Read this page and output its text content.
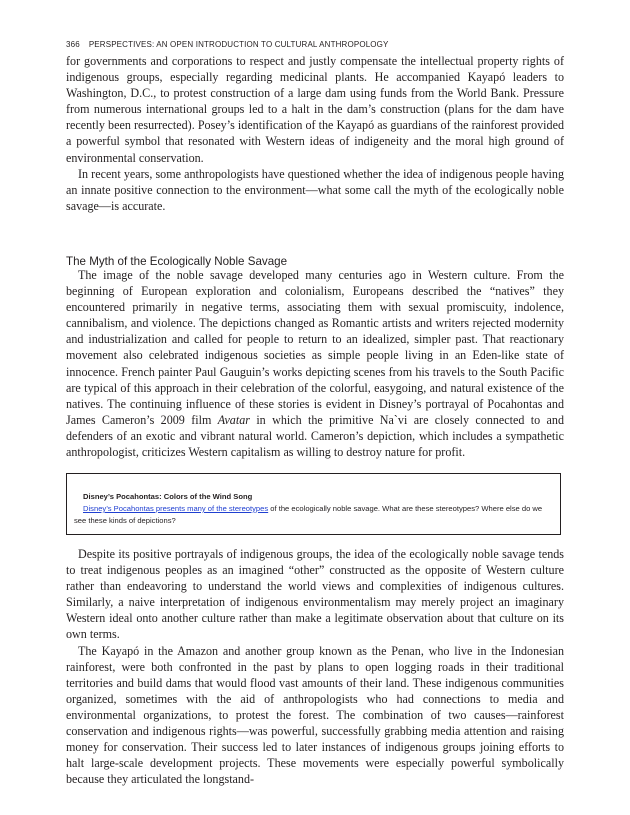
366 PERSPECTIVES: AN OPEN INTRODUCTION TO CULTURAL ANTHROPOLOGY

for governments and corporations to respect and justly compensate the intellectual property rights of indigenous groups, especially regarding medicinal plants. He accompanied Kayapó leaders to Washington, D.C., to protest construction of a large dam using funds from the World Bank. Pressure from numerous international groups led to a halt in the dam’s construction (plans for the dam have recently been resurrected). Posey’s identification of the Kayapó as guardians of the rainforest provided a powerful symbol that resonated with Western ideas of indigeneity and the moral high ground of environmental conservation.

In recent years, some anthropologists have questioned whether the idea of indigenous people having an innate positive connection to the environment—what some call the myth of the ecologically noble savage—is accurate.

The Myth of the Ecologically Noble Savage

The image of the noble savage developed many centuries ago in Western culture. From the beginning of European exploration and colonialism, Europeans described the “natives” they encountered primarily in negative terms, associating them with sexual promiscuity, indolence, cannibalism, and violence. The depictions changed as Romantic artists and writers rejected modernity and industrialization and called for people to return to an idealized, simpler past. That reactionary movement also celebrated indigenous societies as simple people living in an Eden-like state of innocence. French painter Paul Gauguin’s works depicting scenes from his travels to the South Pacific are typical of this approach in their celebration of the colorful, easygoing, and natural existence of the natives. The continuing influence of these stories is evident in Disney’s portrayal of Pocahontas and James Cameron’s 2009 film Avatar in which the primitive Na`vi are closely connected to and defenders of an exotic and vibrant natural world. Cameron’s depiction, which includes a sympathetic anthropologist, criticizes Western capitalism as willing to destroy nature for profit.

Disney’s Pocahontas: Colors of the Wind Song

Disney’s Pocahontas presents many of the stereotypes of the ecologically noble savage. What are these stereotypes? Where else do we see these kinds of depictions?

Despite its positive portrayals of indigenous groups, the idea of the ecologically noble savage tends to treat indigenous peoples as an imagined “other” constructed as the opposite of Western culture rather than endeavoring to understand the world views and complexities of indigenous cultures. Similarly, a naive interpretation of indigenous environmentalism may merely project an imaginary Western ideal onto another culture rather than make a legitimate observation about that culture on its own terms.

The Kayapó in the Amazon and another group known as the Penan, who live in the Indonesian rainforest, were both confronted in the past by plans to open logging roads in their traditional territories and build dams that would flood vast amounts of their land. These indigenous communities organized, sometimes with the aid of anthropologists who had connections to media and environmental organizations, to protest the forest. The combination of two causes—rainforest conservation and indigenous rights—was powerful, successfully grabbing media attention and raising money for conservation. Their success led to later instances of indigenous groups joining efforts to halt large-scale development projects. These movements were especially powerful symbolically because they articulated the longstand-
